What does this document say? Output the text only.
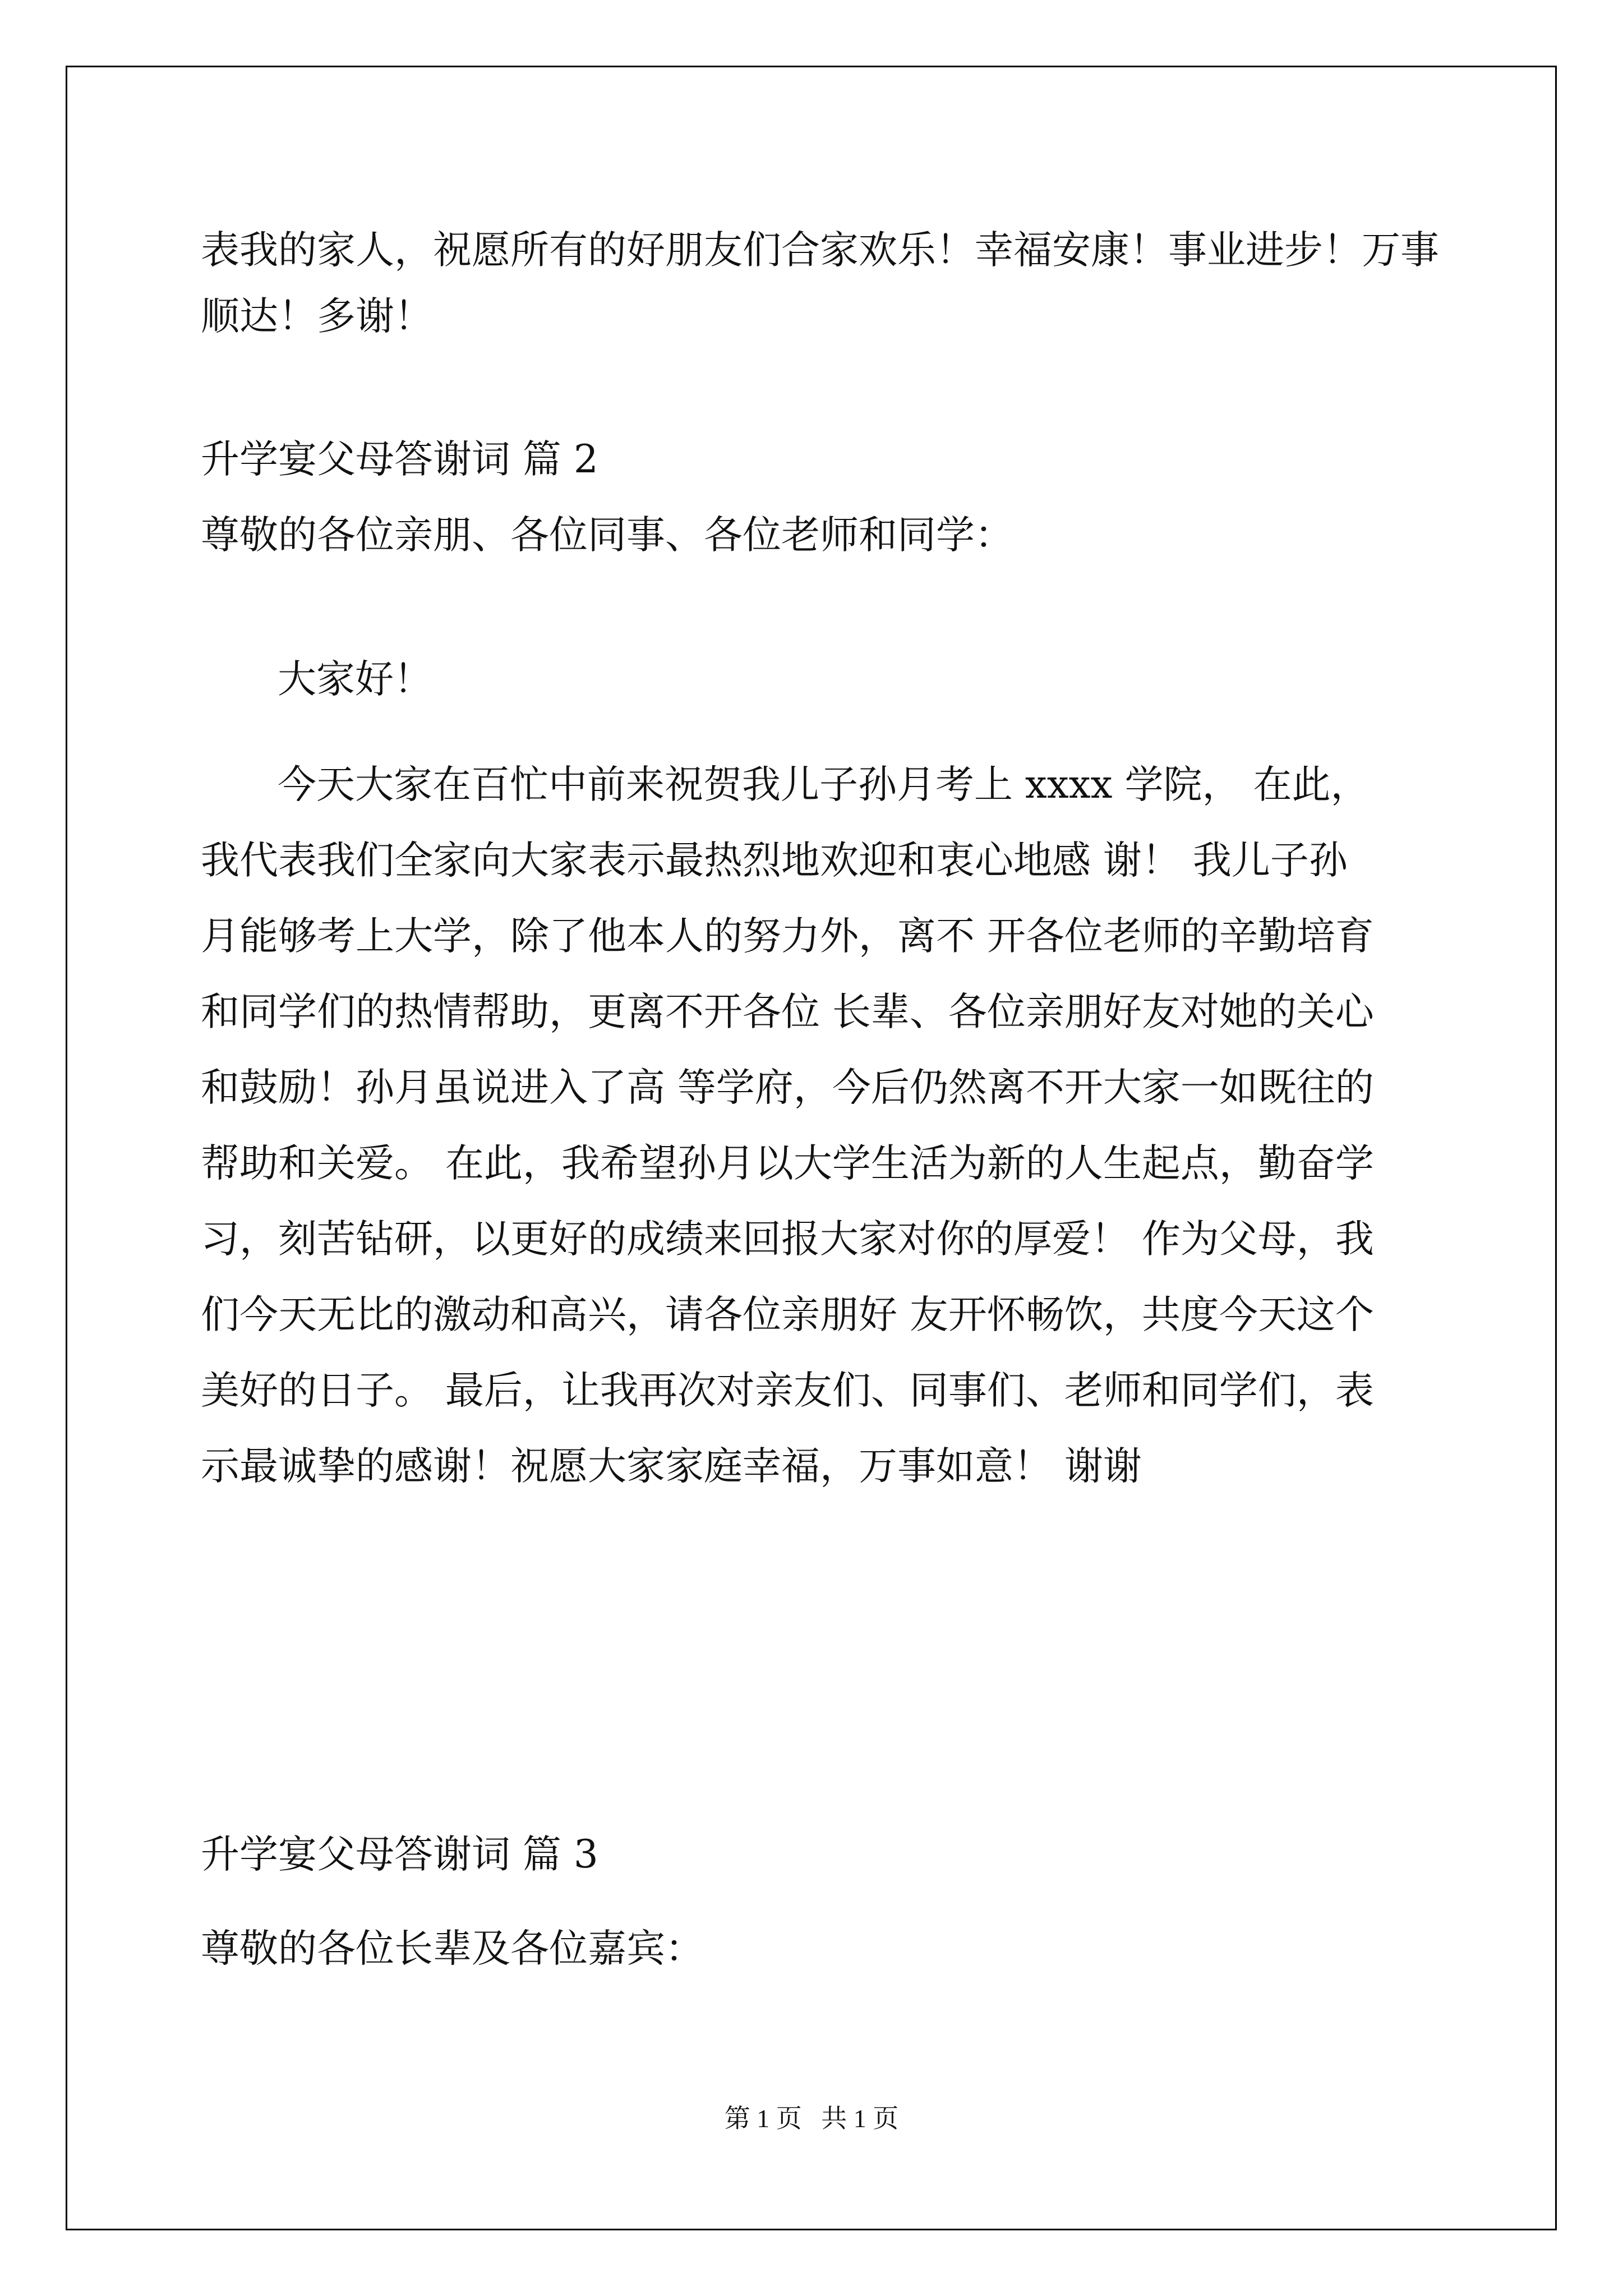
表我的家人，祝愿所有的好朋友们合家欢乐！幸福安康！事业进步！万事

顺达！多谢！

升学宴父母答谢词 篇 2

尊敬的各位亲朋、各位同事、各位老师和同学：

大家好！

今天大家在百忙中前来祝贺我儿子孙月考上 xxxx 学院， 在此，

我代表我们全家向大家表示最热烈地欢迎和衷心地感 谢！ 我儿子孙

月能够考上大学，除了他本人的努力外，离不 开各位老师的辛勤培育

和同学们的热情帮助，更离不开各位 长辈、各位亲朋好友对她的关心

和鼓励！孙月虽说进入了高 等学府，今后仍然离不开大家一如既往的

帮助和关爱。 在此，我希望孙月以大学生活为新的人生起点，勤奋学

习，刻苦钻研，以更好的成绩来回报大家对你的厚爱！ 作为父母，我

们今天无比的激动和高兴，请各位亲朋好 友开怀畅饮，共度今天这个

美好的日子。 最后，让我再次对亲友们、同事们、老师和同学们，表

示最诚挚的感谢！祝愿大家家庭幸福，万事如意！ 谢谢

升学宴父母答谢词 篇 3

尊敬的各位长辈及各位嘉宾：

第 1 页   共 1 页
